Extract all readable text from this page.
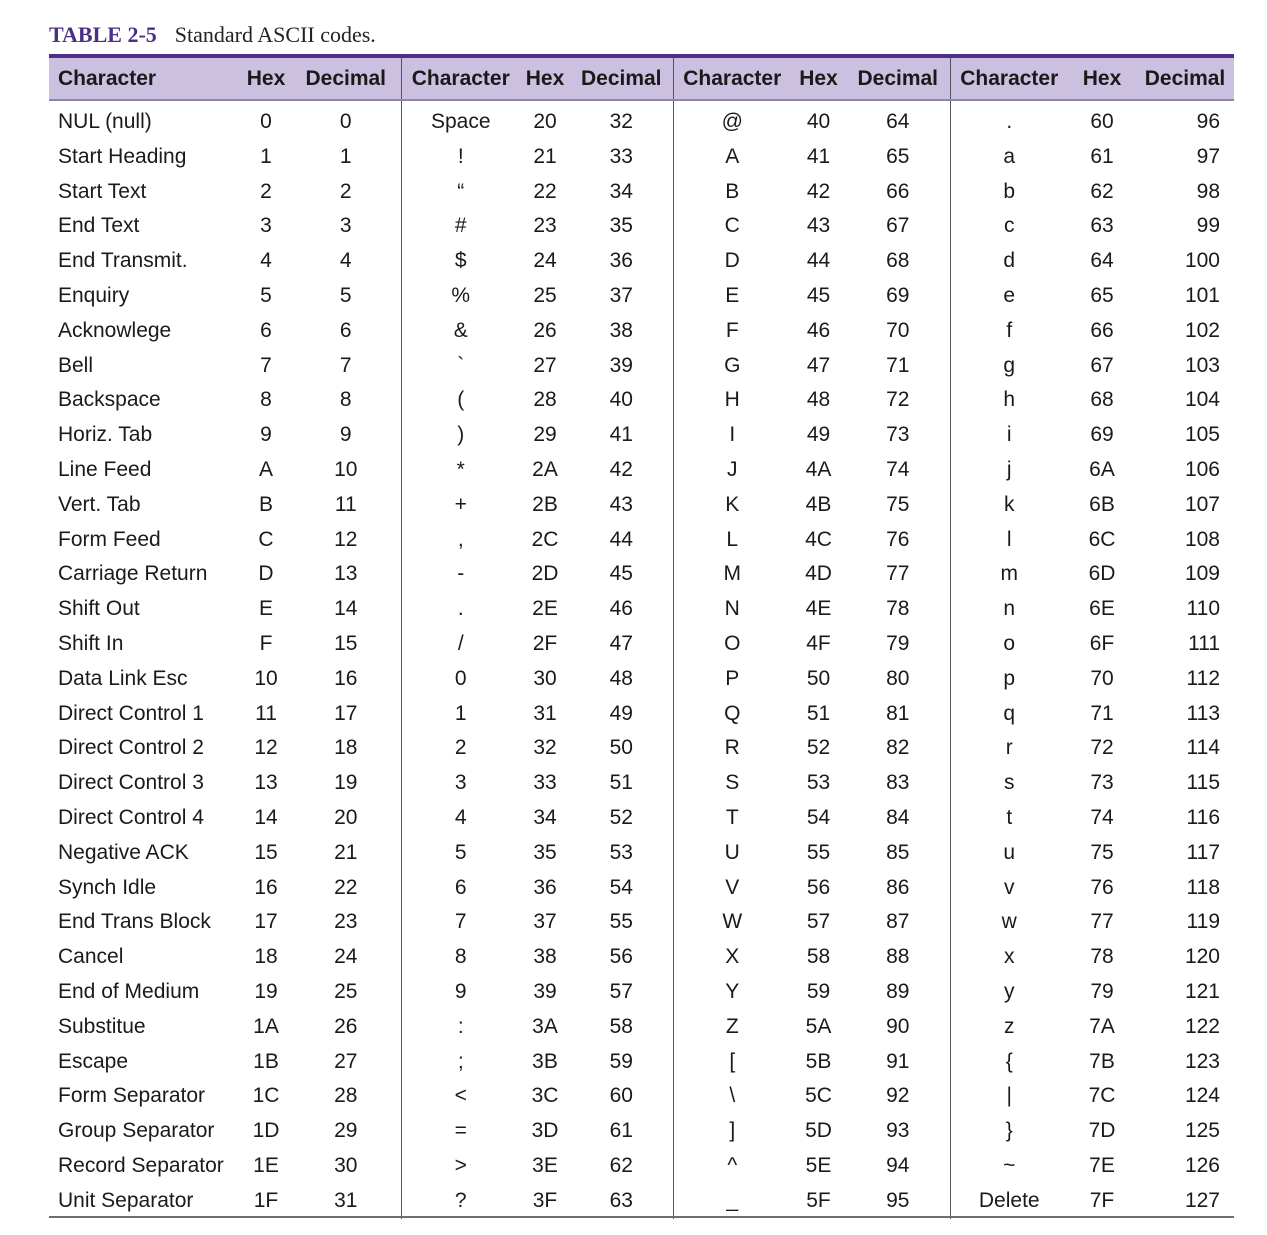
TABLE 2-5 Standard ASCII codes.
Character	Hex	Decimal	Character	Hex	Decimal	Character	Hex	Decimal	Character	Hex	Decimal
NUL (null)	0	0	Space	20	32	@	40	64	.	60	96
Start Heading	1	1	!	21	33	A	41	65	a	61	97
Start Text	2	2	“	22	34	B	42	66	b	62	98
End Text	3	3	#	23	35	C	43	67	c	63	99
End Transmit.	4	4	$	24	36	D	44	68	d	64	100
Enquiry	5	5	%	25	37	E	45	69	e	65	101
Acknowlege	6	6	&	26	38	F	46	70	f	66	102
Bell	7	7	`	27	39	G	47	71	g	67	103
Backspace	8	8	(	28	40	H	48	72	h	68	104
Horiz. Tab	9	9	)	29	41	I	49	73	i	69	105
Line Feed	A	10	*	2A	42	J	4A	74	j	6A	106
Vert. Tab	B	11	+	2B	43	K	4B	75	k	6B	107
Form Feed	C	12	,	2C	44	L	4C	76	l	6C	108
Carriage Return	D	13	-	2D	45	M	4D	77	m	6D	109
Shift Out	E	14	.	2E	46	N	4E	78	n	6E	110
Shift In	F	15	/	2F	47	O	4F	79	o	6F	111
Data Link Esc	10	16	0	30	48	P	50	80	p	70	112
Direct Control 1	11	17	1	31	49	Q	51	81	q	71	113
Direct Control 2	12	18	2	32	50	R	52	82	r	72	114
Direct Control 3	13	19	3	33	51	S	53	83	s	73	115
Direct Control 4	14	20	4	34	52	T	54	84	t	74	116
Negative ACK	15	21	5	35	53	U	55	85	u	75	117
Synch Idle	16	22	6	36	54	V	56	86	v	76	118
End Trans Block	17	23	7	37	55	W	57	87	w	77	119
Cancel	18	24	8	38	56	X	58	88	x	78	120
End of Medium	19	25	9	39	57	Y	59	89	y	79	121
Substitue	1A	26	:	3A	58	Z	5A	90	z	7A	122
Escape	1B	27	;	3B	59	[	5B	91	{	7B	123
Form Separator	1C	28	<	3C	60	\	5C	92	|	7C	124
Group Separator	1D	29	=	3D	61	]	5D	93	}	7D	125
Record Separator	1E	30	>	3E	62	^	5E	94	~	7E	126
Unit Separator	1F	31	?	3F	63	_	5F	95	Delete	7F	127
